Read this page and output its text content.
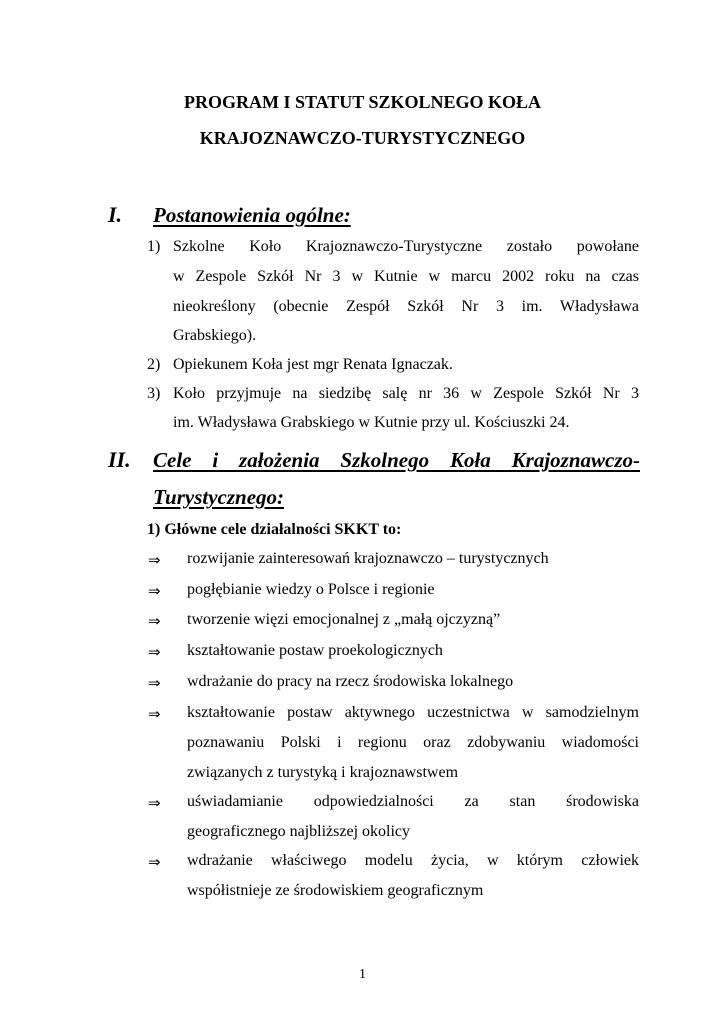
PROGRAM I STATUT SZKOLNEGO KOŁA
KRAJOZNAWCZO-TURYSTYCZNEGO
I. Postanowienia ogólne:
1) Szkolne Koło Krajoznawczo-Turystyczne zostało powołane
w Zespole Szkół Nr 3 w Kutnie w marcu 2002 roku na czas
nieokreślony (obecnie Zespół Szkół Nr 3 im. Władysława
Grabskiego).
2) Opiekunem Koła jest mgr Renata Ignaczak.
3) Koło przyjmuje na siedzibę salę nr 36 w Zespole Szkół Nr 3
im. Władysława Grabskiego w Kutnie przy ul. Kościuszki 24.
II. Cele i założenia Szkolnego Koła Krajoznawczo-
Turystycznego:
1) Główne cele działalności SKKT to:
⇒ rozwijanie zainteresowań krajoznawczo – turystycznych
⇒ pogłębianie wiedzy o Polsce i regionie
⇒ tworzenie więzi emocjonalnej z „małą ojczyzną”
⇒ kształtowanie postaw proekologicznych
⇒ wdrażanie do pracy na rzecz środowiska lokalnego
⇒ kształtowanie postaw aktywnego uczestnictwa w samodzielnym
poznawaniu Polski i regionu oraz zdobywaniu wiadomości
związanych z turystyką i krajoznawstwem
⇒ uświadamianie odpowiedzialności za stan środowiska
geograficznego najbliższej okolicy
⇒ wdrażanie właściwego modelu życia, w którym człowiek
współistnieje ze środowiskiem geograficznym
1
